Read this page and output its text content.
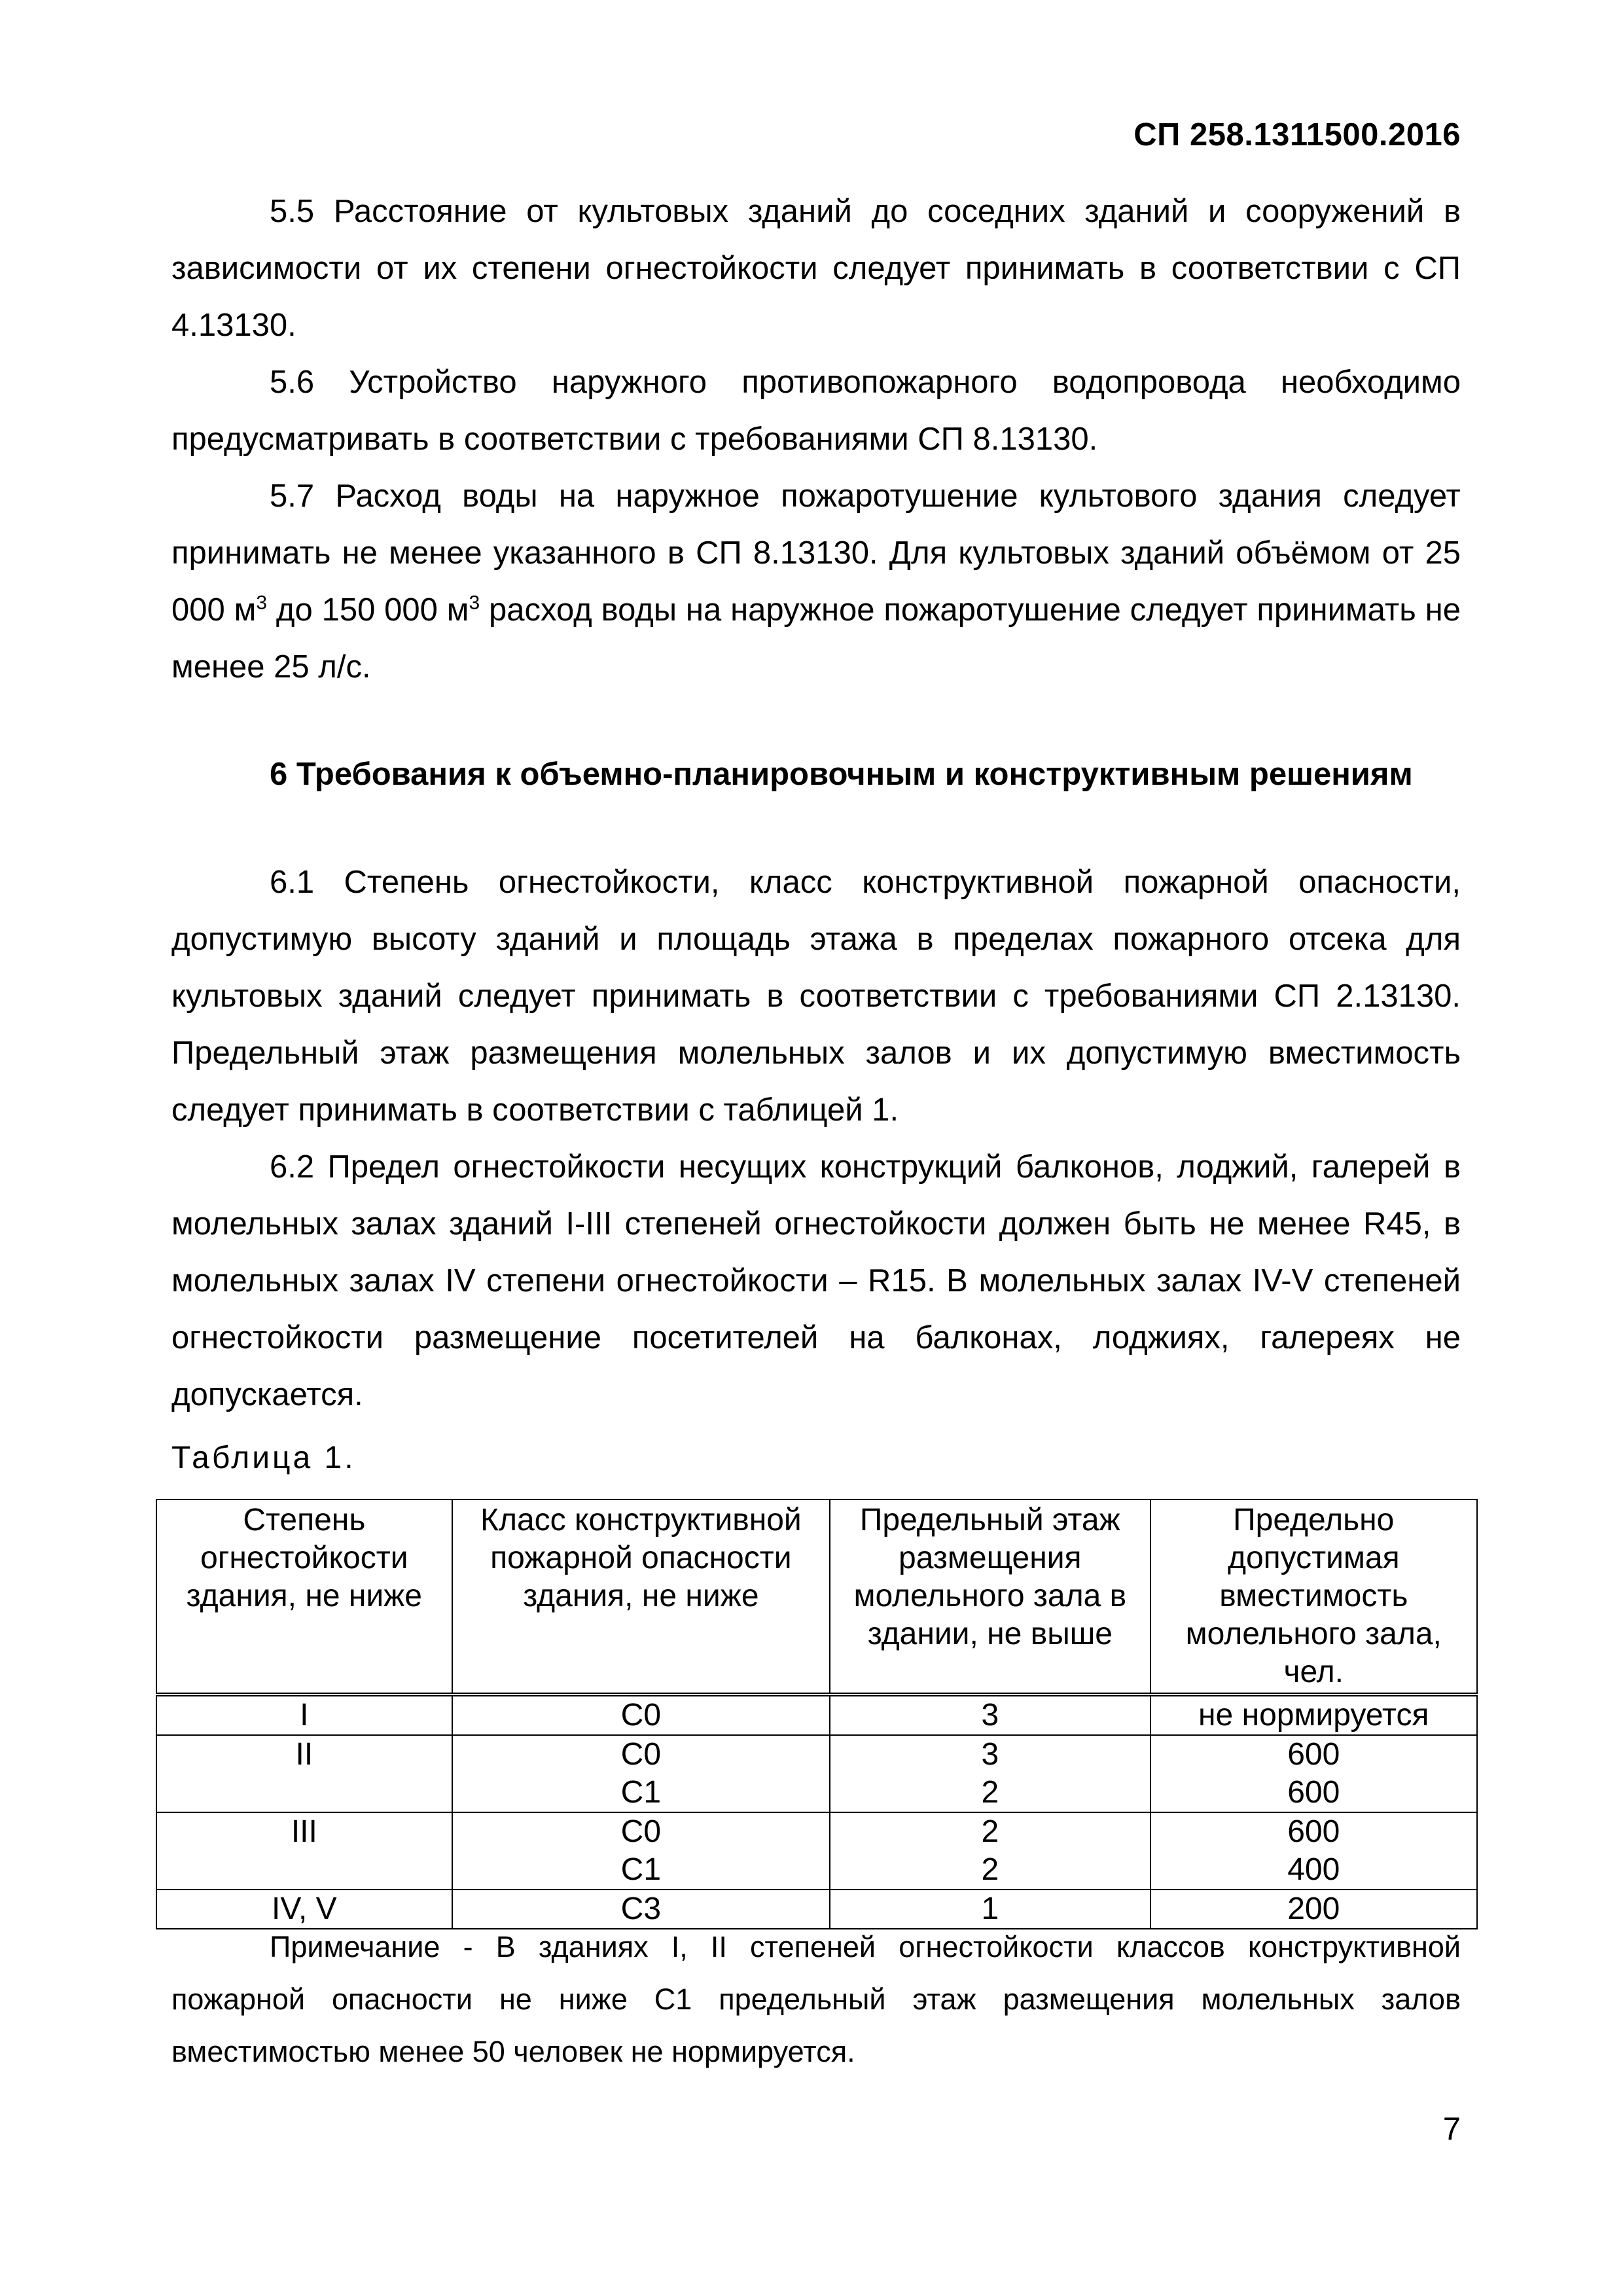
СП 258.1311500.2016

5.5 Расстояние от культовых зданий до соседних зданий и сооружений в зависимости от их степени огнестойкости следует принимать в соответствии с СП 4.13130.

5.6 Устройство наружного противопожарного водопровода необходимо предусматривать в соответствии с требованиями СП 8.13130.

5.7 Расход воды на наружное пожаротушение культового здания следует принимать не менее указанного в СП 8.13130. Для культовых зданий объёмом от 25 000 $м^3$ до 150 000 $м^3$ расход воды на наружное пожаротушение следует принимать не менее 25 л/с.

6 Требования к объемно-планировочным и конструктивным решениям

6.1 Степень огнестойкости, класс конструктивной пожарной опасности, допустимую высоту зданий и площадь этажа в пределах пожарного отсека для культовых зданий следует принимать в соответствии с требованиями СП 2.13130. Предельный этаж размещения молельных залов и их допустимую вместимость следует принимать в соответствии с таблицей 1.

6.2 Предел огнестойкости несущих конструкций балконов, лоджий, галерей в молельных залах зданий I-III степеней огнестойкости должен быть не менее R45, в молельных залах IV степени огнестойкости – R15. В молельных залах IV-V степеней огнестойкости размещение посетителей на балконах, лоджиях, галереях не допускается.

Таблица 1.
Степень огнестойкости здания, не ниже	Класс конструктивной пожарной опасности здания, не ниже	Предельный этаж размещения молельного зала в здании, не выше	Предельно допустимая вместимость молельного зала, чел.
I	С0	3	не нормируется
II	С0	3	600
	С1	2	600
III	С0	2	600
	С1	2	400
IV, V	С3	1	200

Примечание - В зданиях I, II степеней огнестойкости классов конструктивной пожарной опасности не ниже С1 предельный этаж размещения молельных залов вместимостью менее 50 человек не нормируется.

7
